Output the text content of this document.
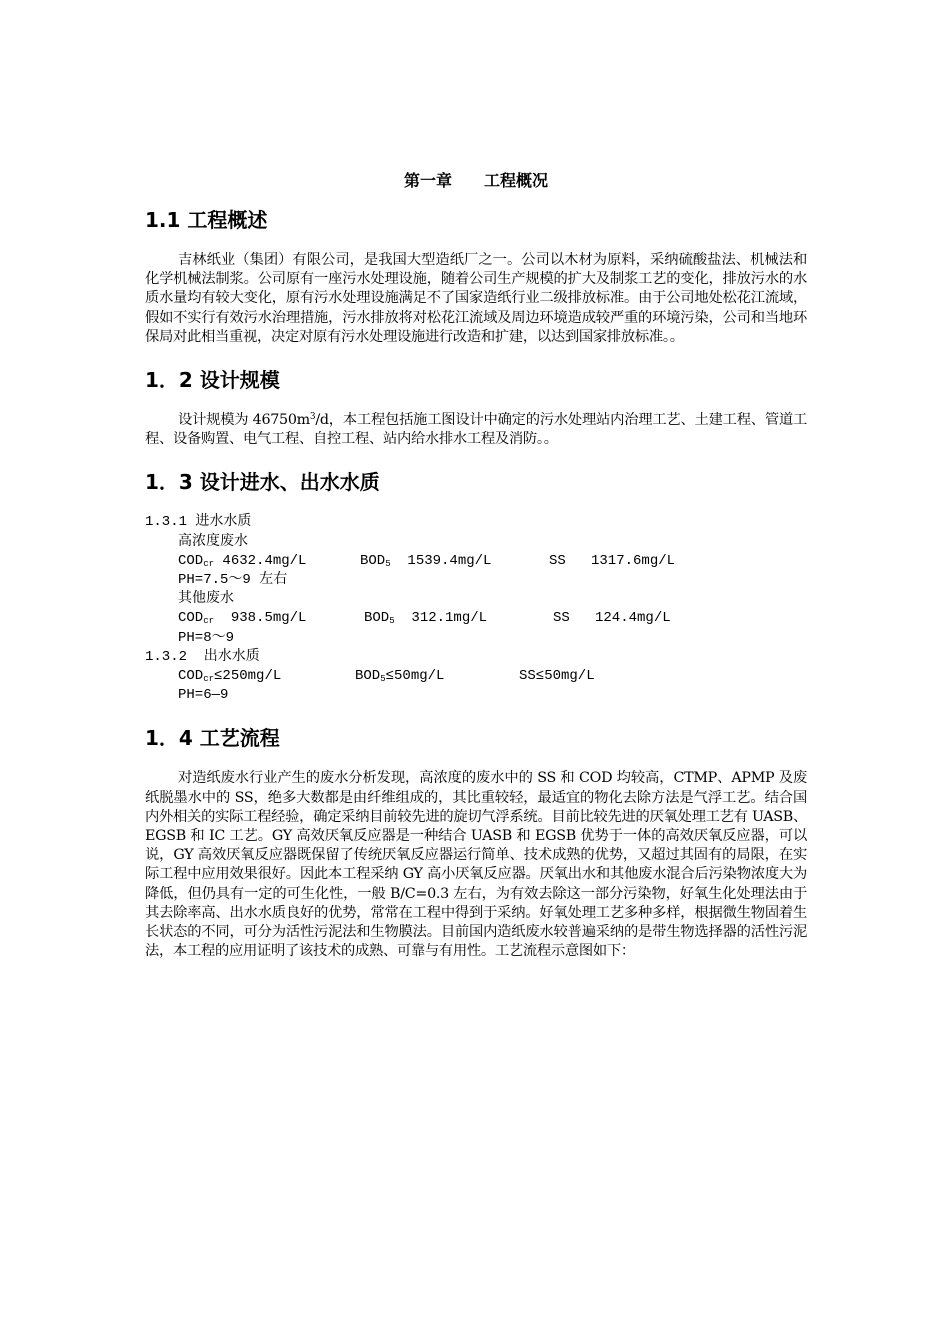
第一章　　工程概况
1.1 工程概述

吉林纸业（集团）有限公司，是我国大型造纸厂之一。公司以木材为原料，采纳硫酸盐法、机械法和化学机械法制浆。公司原有一座污水处理设施，随着公司生产规模的扩大及制浆工艺的变化，排放污水的水质水量均有较大变化，原有污水处理设施满足不了国家造纸行业二级排放标准。由于公司地处松花江流域，假如不实行有效污水治理措施，污水排放将对松花江流域及周边环境造成较严重的环境污染，公司和当地环保局对此相当重视，决定对原有污水处理设施进行改造和扩建，以达到国家排放标准。。

1．2 设计规模

设计规模为 $46750m^3/d$，本工程包括施工图设计中确定的污水处理站内治理工艺、土建工程、管道工程、设备购置、电气工程、自控工程、站内给水排水工程及消防。。

1．3 设计进水、出水水质
1.3.1 进水水质
高浓度废水
$COD_{cr}$ 4632.4mg/L	$BOD_5$  1539.4mg/L	SS   1317.6mg/L
PH=7.5～9 左右
其他废水
$COD_{cr}$  938.5mg/L	$BOD_5$  312.1mg/L	SS   124.4mg/L
PH=8～9
1.3.2  出水水质
$COD_{cr}\le 250mg/L$	$BOD_5\le 50mg/L$	SS≤50mg/L
PH=6—9
1．4 工艺流程

对造纸废水行业产生的废水分析发现，高浓度的废水中的 SS 和 COD 均较高，CTMP、APMP 及废纸脱墨水中的 SS，绝多大数都是由纤维组成的，其比重较轻，最适宜的物化去除方法是气浮工艺。结合国内外相关的实际工程经验，确定采纳目前较先进的旋切气浮系统。目前比较先进的厌氧处理工艺有 UASB、EGSB 和 IC 工艺。GY 高效厌氧反应器是一种结合 UASB 和 EGSB 优势于一体的高效厌氧反应器，可以说，GY 高效厌氧反应器既保留了传统厌氧反应器运行简单、技术成熟的优势，又超过其固有的局限，在实际工程中应用效果很好。因此本工程采纳 GY 高小厌氧反应器。厌氧出水和其他废水混合后污染物浓度大为降低，但仍具有一定的可生化性，一般 B/C=0.3 左右，为有效去除这一部分污染物，好氧生化处理法由于其去除率高、出水水质良好的优势，常常在工程中得到于采纳。好氧处理工艺多种多样，根据微生物固着生长状态的不同，可分为活性污泥法和生物膜法。目前国内造纸废水较普遍采纳的是带生物选择器的活性污泥法，本工程的应用证明了该技术的成熟、可靠与有用性。工艺流程示意图如下：
